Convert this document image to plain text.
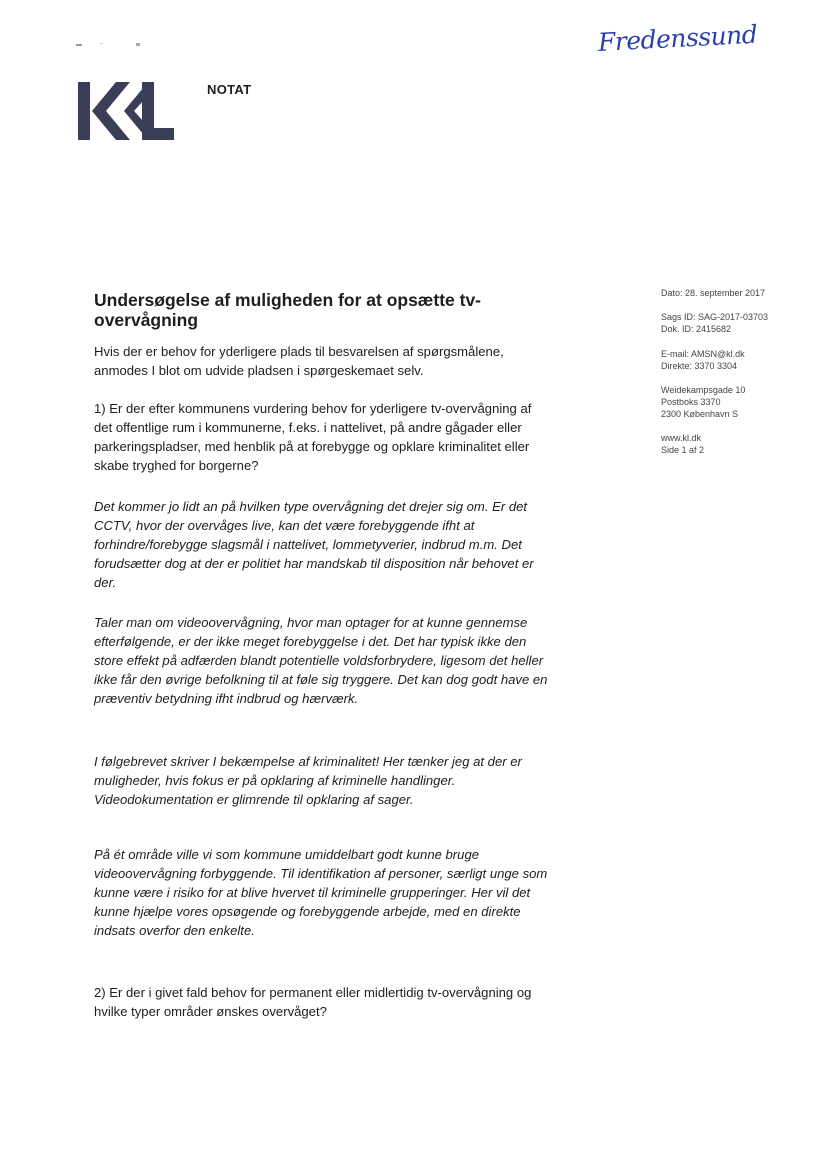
Fredenssund
NOTAT
Undersøgelse af muligheden for at opsætte tv-overvågning
Dato: 28. september 2017
Sags ID: SAG-2017-03703
Dok. ID: 2415682
E-mail: AMSN@kl.dk
Direkte: 3370 3304
Weidekampsgade 10
Postboks 3370
2300 København S
www.kl.dk
Side 1 af 2

Hvis der er behov for yderligere plads til besvarelsen af spørgsmålene, anmodes I blot om udvide pladsen i spørgeskemaet selv.

1) Er der efter kommunens vurdering behov for yderligere tv-overvågning af det offentlige rum i kommunerne, f.eks. i nattelivet, på andre gågader eller parkeringspladser, med henblik på at forebygge og opklare kriminalitet eller skabe tryghed for borgerne?

Det kommer jo lidt an på hvilken type overvågning det drejer sig om. Er det CCTV, hvor der overvåges live, kan det være forebyggende ifht at forhindre/forebygge slagsmål i nattelivet, lommetyverier, indbrud m.m. Det forudsætter dog at der er politiet har mandskab til disposition når behovet er der.

Taler man om videoovervågning, hvor man optager for at kunne gennemse efterfølgende, er der ikke meget forebyggelse i det. Det har typisk ikke den store effekt på adfærden blandt potentielle voldsforbrydere, ligesom det heller ikke får den øvrige befolkning til at føle sig tryggere. Det kan dog godt have en præventiv betydning ifht indbrud og hærværk.

I følgebrevet skriver I bekæmpelse af kriminalitet! Her tænker jeg at der er muligheder, hvis fokus er på opklaring af kriminelle handlinger. Videodokumentation er glimrende til opklaring af sager.

På ét område ville vi som kommune umiddelbart godt kunne bruge videoovervågning forbyggende. Til identifikation af personer, særligt unge som kunne være i risiko for at blive hvervet til kriminelle grupperinger. Her vil det kunne hjælpe vores opsøgende og forebyggende arbejde, med en direkte indsats overfor den enkelte.

2) Er der i givet fald behov for permanent eller midlertidig tv-overvågning og hvilke typer områder ønskes overvåget?
